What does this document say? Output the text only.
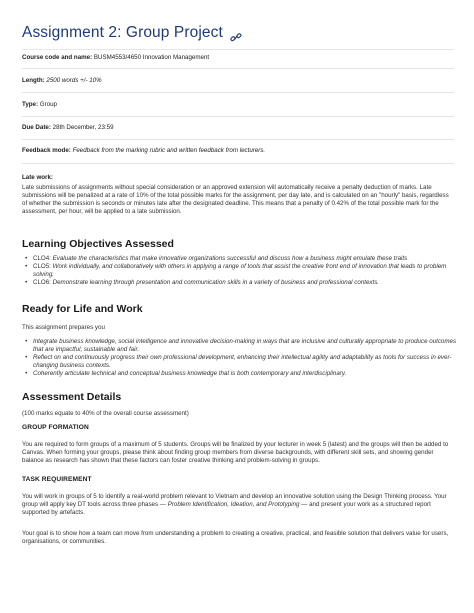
Assignment 2: Group Project
Course code and name: BUSM4553/4650 Innovation Management
Length: 2500 words +/- 10%
Type: Group
Due Date: 28th December, 23:59
Feedback mode: Feedback from the marking rubric and written feedback from lecturers.
Late work:

Late submissions of assignments without special consideration or an approved extension will automatically receive a penalty deduction of marks. Late submissions will be penalized at a rate of 10% of the total possible marks for the assignment, per day late, and is calculated on an "hourly" basis, regardless of whether the submission is seconds or minutes late after the designated deadline. This means that a penalty of 0.42% of the total possible mark for the assessment, per hour, will be applied to a late submission.

Learning Objectives Assessed
• CLO4: Evaluate the characteristics that make innovative organizations successful and discuss how a business might emulate these traits
• CLO5: Work individually, and collaboratively with others in applying a range of tools that assist the creative front end of innovation that leads to problem solving.
• CLO6: Demonstrate learning through presentation and communication skills in a variety of business and professional contexts.
Ready for Life and Work

This assignment prepares you

• Integrate business knowledge, social intelligence and innovative decision-making in ways that are inclusive and culturally appropriate to produce outcomes that are impactful, sustainable and fair.
• Reflect on and continuously progress their own professional development, enhancing their intellectual agility and adaptability as tools for success in ever-changing business contexts.
• Coherently articulate technical and conceptual business knowledge that is both contemporary and interdisciplinary.
Assessment Details

(100 marks equate to 40% of the overall course assessment)

GROUP FORMATION

You are required to form groups of a maximum of 5 students. Groups will be finalized by your lecturer in week 5 (latest) and the groups will then be added to Canvas. When forming your groups, please think about finding group members from diverse backgrounds, with different skill sets, and showing gender balance as research has shown that these factors can foster creative thinking and problem-solving in groups.

TASK REQUIREMENT

You will work in groups of 5 to identify a real-world problem relevant to Vietnam and develop an innovative solution using the Design Thinking process. Your group will apply key DT tools across three phases — Problem Identification, Ideation, and Prototyping — and present your work as a structured report supported by artefacts.

Your goal is to show how a team can move from understanding a problem to creating a creative, practical, and feasible solution that delivers value for users, organisations, or communities.
